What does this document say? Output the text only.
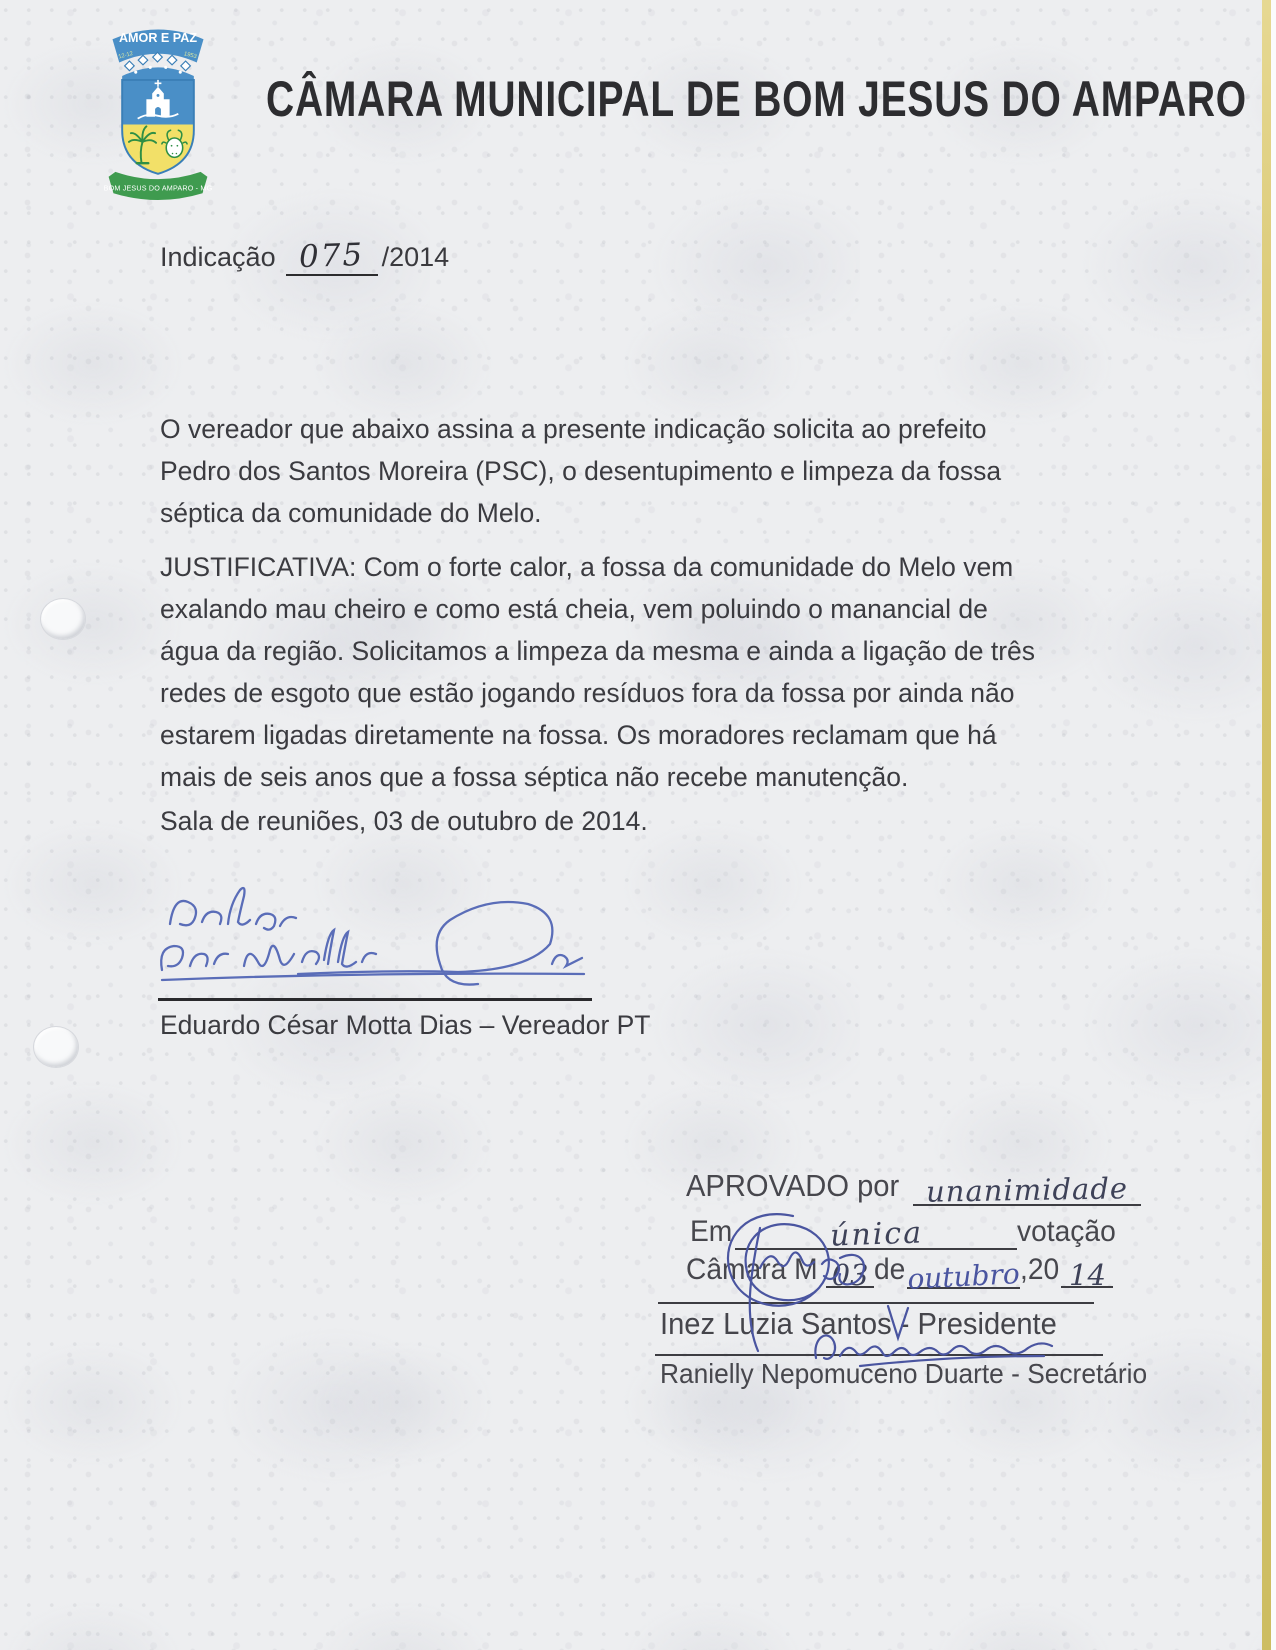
AMOR E PAZ
12-12	1953
BOM JESUS DO AMPARO - MG
CÂMARA MUNICIPAL DE BOM JESUS DO AMPARO
Indicação 075 /2014
O vereador que abaixo assina a presente indicação solicita ao prefeito
Pedro dos Santos Moreira (PSC), o desentupimento e limpeza da fossa
séptica da comunidade do Melo.
JUSTIFICATIVA: Com o forte calor, a fossa da comunidade do Melo vem
exalando mau cheiro e como está cheia, vem poluindo o manancial de
água da região. Solicitamos a limpeza da mesma e ainda a ligação de três
redes de esgoto que estão jogando resíduos fora da fossa por ainda não
estarem ligadas diretamente na fossa. Os moradores reclamam que há
mais de seis anos que a fossa séptica não recebe manutenção.
Sala de reuniões, 03 de outubro de 2014.
Eduardo César Motta Dias – Vereador PT
APROVADO por unanimidade
Em	única	votação
Câmara M 03 de outubro
,20 14
Inez Luzia Santos - Presidente
Ranielly Nepomuceno Duarte - Secretário
